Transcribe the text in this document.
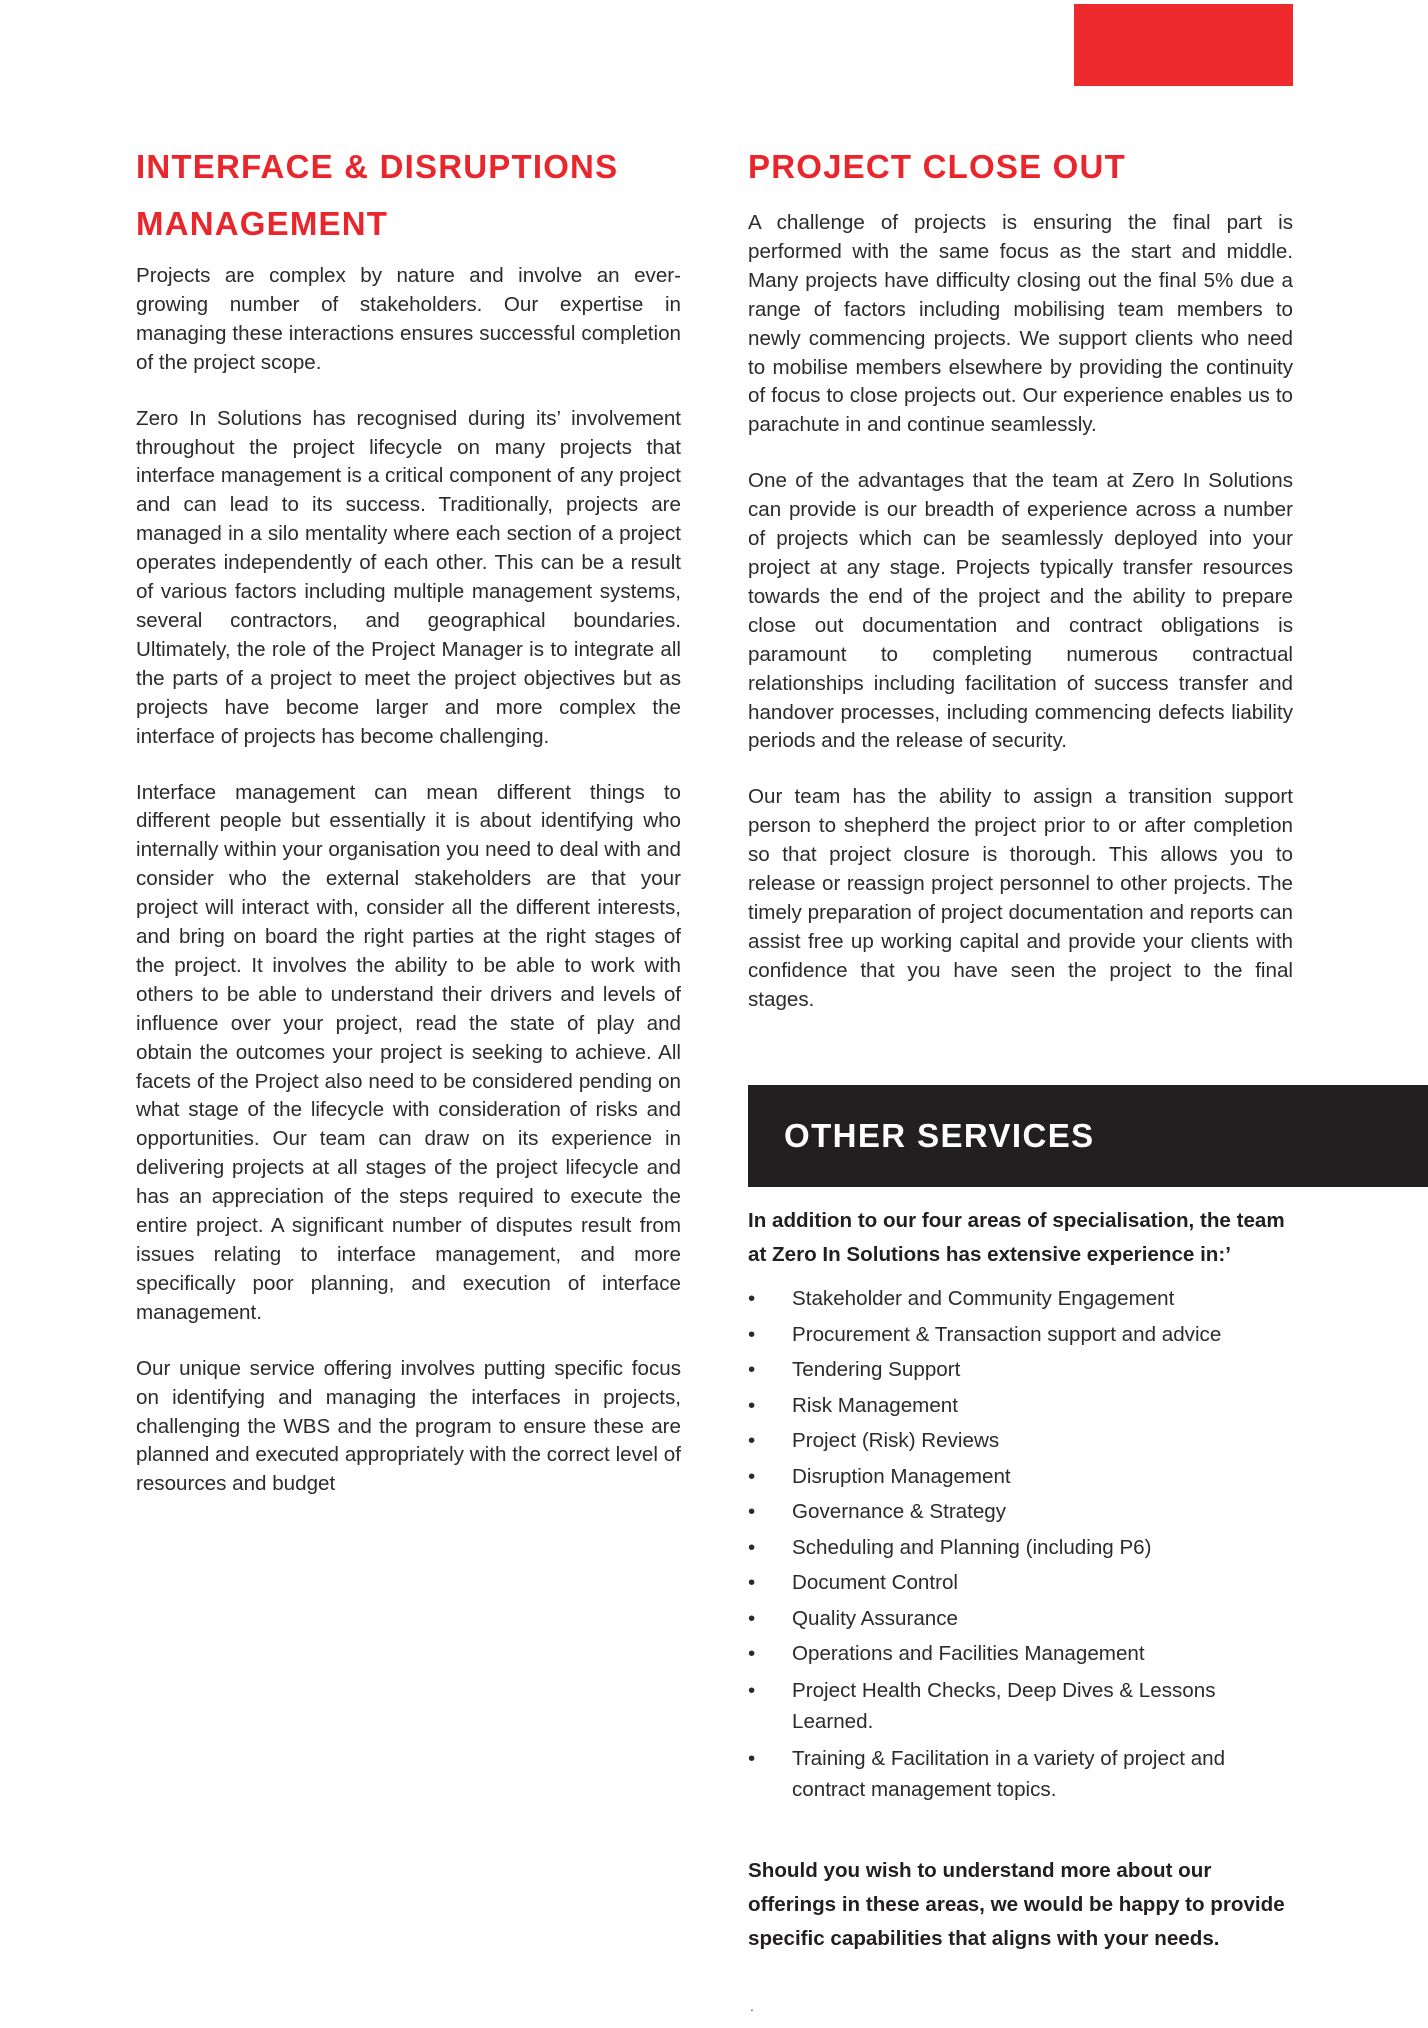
INTERFACE & DISRUPTIONS
MANAGEMENT

Projects are complex by nature and involve an ever-growing number of stakeholders. Our expertise in managing these interactions ensures successful completion of the project scope.

Zero In Solutions has recognised during its’ involvement throughout the project lifecycle on many projects that interface management is a critical component of any project and can lead to its success. Traditionally, projects are managed in a silo mentality where each section of a project operates independently of each other. This can be a result of various factors including multiple management systems, several contractors, and geographical boundaries. Ultimately, the role of the Project Manager is to integrate all the parts of a project to meet the project objectives but as projects have become larger and more complex the interface of projects has become challenging.

Interface management can mean different things to different people but essentially it is about identifying who internally within your organisation you need to deal with and consider who the external stakeholders are that your project will interact with, consider all the different interests, and bring on board the right parties at the right stages of the project. It involves the ability to be able to work with others to be able to understand their drivers and levels of influence over your project, read the state of play and obtain the outcomes your project is seeking to achieve. All facets of the Project also need to be considered pending on what stage of the lifecycle with consideration of risks and opportunities. Our team can draw on its experience in delivering projects at all stages of the project lifecycle and has an appreciation of the steps required to execute the entire project. A significant number of disputes result from issues relating to interface management, and more specifically poor planning, and execution of interface management.

Our unique service offering involves putting specific focus on identifying and managing the interfaces in projects, challenging the WBS and the program to ensure these are planned and executed appropriately with the correct level of resources and budget

PROJECT CLOSE OUT

A challenge of projects is ensuring the final part is performed with the same focus as the start and middle. Many projects have difficulty closing out the final 5% due a range of factors including mobilising team members to newly commencing projects. We support clients who need to mobilise members elsewhere by providing the continuity of focus to close projects out. Our experience enables us to parachute in and continue seamlessly.

One of the advantages that the team at Zero In Solutions can provide is our breadth of experience across a number of projects which can be seamlessly deployed into your project at any stage. Projects typically transfer resources towards the end of the project and the ability to prepare close out documentation and contract obligations is paramount to completing numerous contractual relationships including facilitation of success transfer and handover processes, including commencing defects liability periods and the release of security.

Our team has the ability to assign a transition support person to shepherd the project prior to or after completion so that project closure is thorough. This allows you to release or reassign project personnel to other projects. The timely preparation of project documentation and reports can assist free up working capital and provide your clients with confidence that you have seen the project to the final stages.

OTHER SERVICES
In addition to our four areas of specialisation, the team at Zero In Solutions has extensive experience in:’
• Stakeholder and Community Engagement
• Procurement & Transaction support and advice
• Tendering Support
• Risk Management
• Project (Risk) Reviews
• Disruption Management
• Governance & Strategy
• Scheduling and Planning (including P6)
• Document Control
• Quality Assurance
• Operations and Facilities Management
• Project Health Checks, Deep Dives & Lessons Learned.
• Training & Facilitation in a variety of project and contract management topics.
Should you wish to understand more about our offerings in these areas, we would be happy to provide specific capabilities that aligns with your needs.
.
